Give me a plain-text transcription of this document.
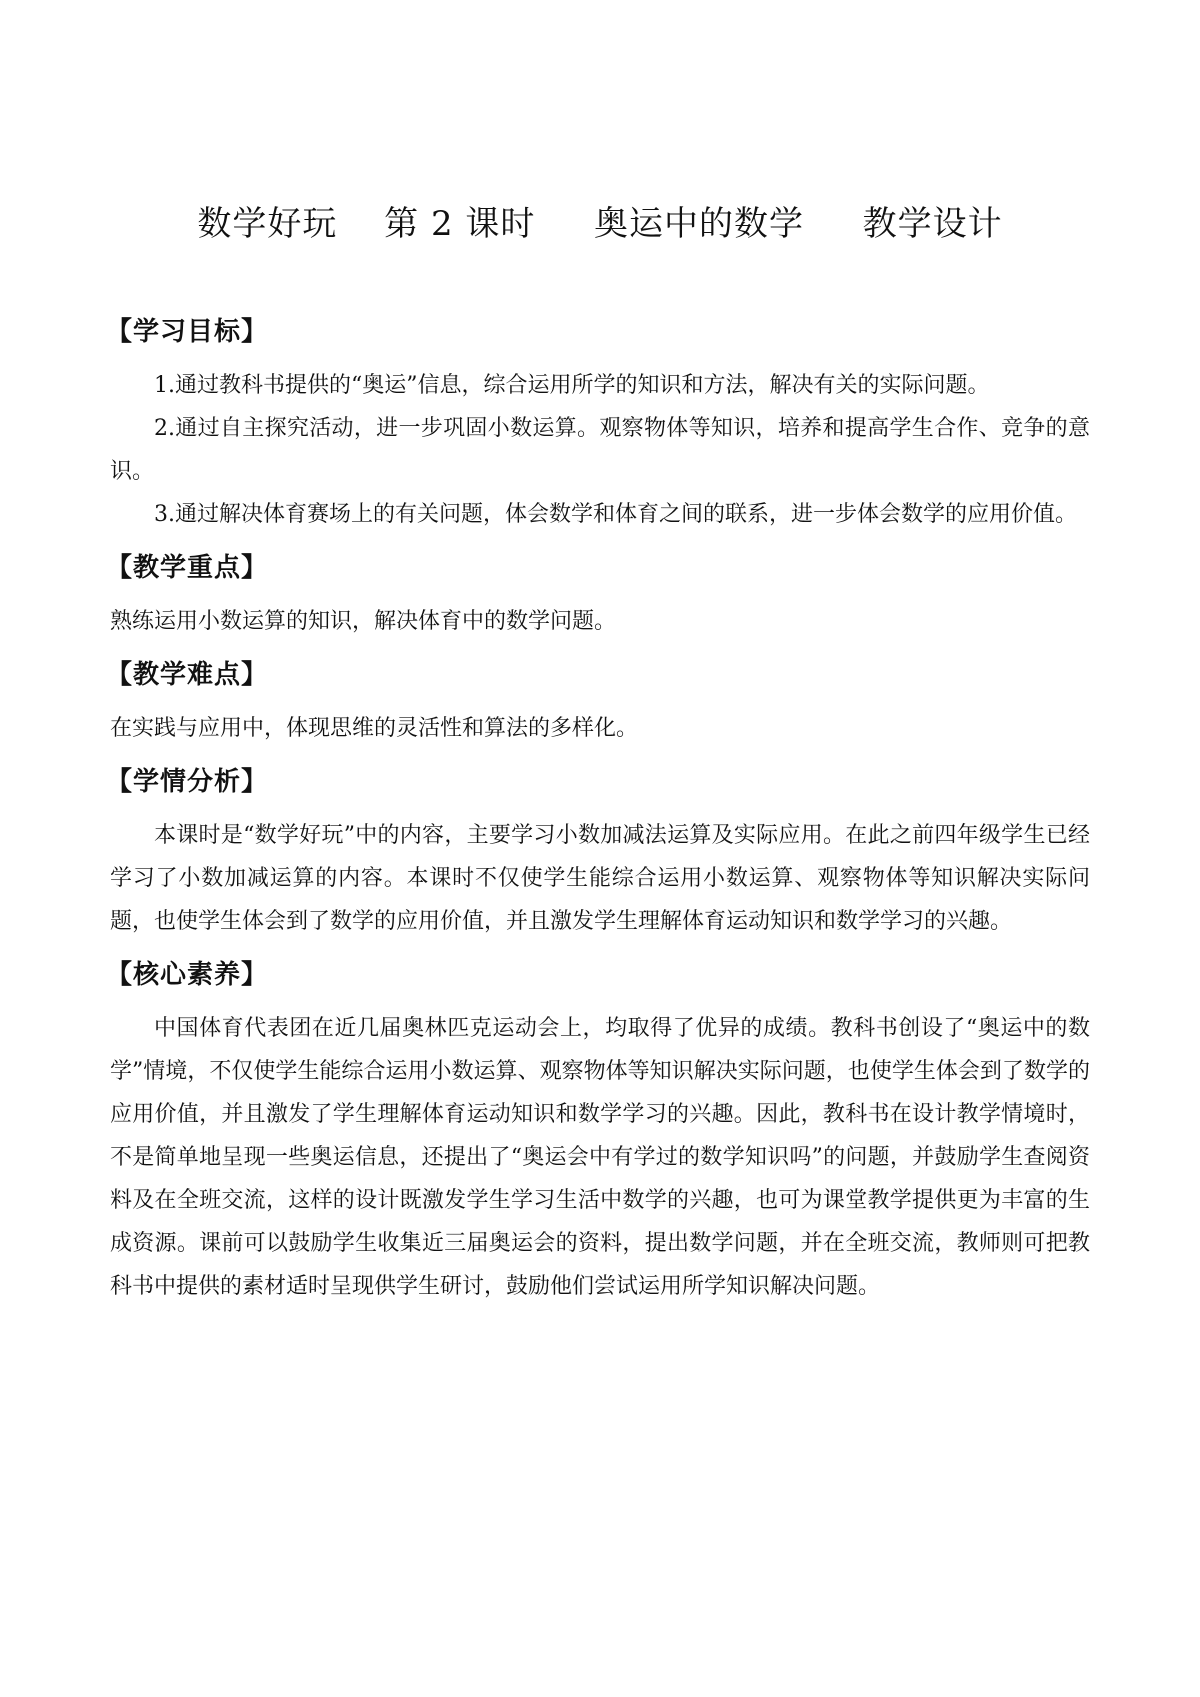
数学好玩　 第 2 课时 　 奥运中的数学 　 教学设计
【学习目标】

1.通过教科书提供的“奥运”信息，综合运用所学的知识和方法，解决有关的实际问题。

2.通过自主探究活动，进一步巩固小数运算。观察物体等知识，培养和提高学生合作、竞争的意识。

3.通过解决体育赛场上的有关问题，体会数学和体育之间的联系，进一步体会数学的应用价值。

【教学重点】

熟练运用小数运算的知识，解决体育中的数学问题。

【教学难点】

在实践与应用中，体现思维的灵活性和算法的多样化。

【学情分析】

本课时是“数学好玩”中的内容，主要学习小数加减法运算及实际应用。在此之前四年级学生已经学习了小数加减运算的内容。本课时不仅使学生能综合运用小数运算、观察物体等知识解决实际问题，也使学生体会到了数学的应用价值，并且激发学生理解体育运动知识和数学学习的兴趣。

【核心素养】

中国体育代表团在近几届奥林匹克运动会上，均取得了优异的成绩。教科书创设了“奥运中的数学”情境，不仅使学生能综合运用小数运算、观察物体等知识解决实际问题，也使学生体会到了数学的应用价值，并且激发了学生理解体育运动知识和数学学习的兴趣。因此，教科书在设计教学情境时，不是简单地呈现一些奥运信息，还提出了“奥运会中有学过的数学知识吗”的问题，并鼓励学生查阅资料及在全班交流，这样的设计既激发学生学习生活中数学的兴趣，也可为课堂教学提供更为丰富的生成资源。课前可以鼓励学生收集近三届奥运会的资料，提出数学问题，并在全班交流，教师则可把教科书中提供的素材适时呈现供学生研讨，鼓励他们尝试运用所学知识解决问题。
